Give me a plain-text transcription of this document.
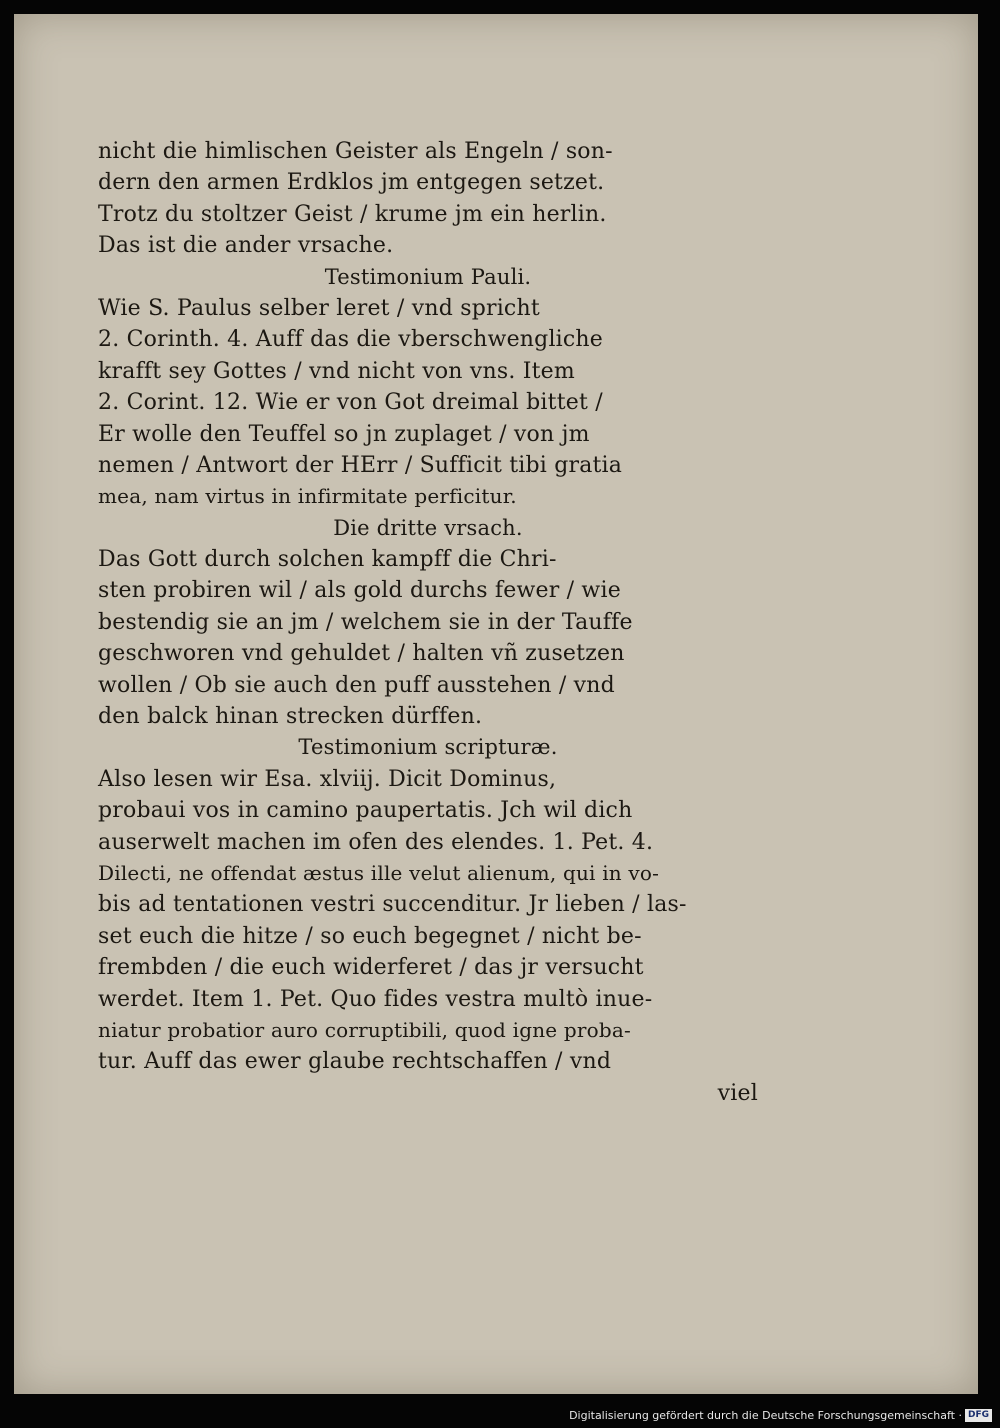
nicht die himlischen Geister als Engeln / son-
dern den armen Erdklos jm entgegen setzet.
Trotz du stoltzer Geist / krume jm ein herlin.
Das ist die ander vrsache.
Testimonium Pauli.
Wie S. Paulus selber leret / vnd spricht
2. Corinth. 4. Auff das die vberschwengliche
krafft sey Gottes / vnd nicht von vns. Item
2. Corint. 12. Wie er von Got dreimal bittet /
Er wolle den Teuffel so jn zuplaget / von jm
nemen / Antwort der HErr / Sufficit tibi gratia
mea, nam virtus in infirmitate perficitur.
Die dritte vrsach.
Das Gott durch solchen kampff die Chri-
sten probiren wil / als gold durchs fewer / wie
bestendig sie an jm / welchem sie in der Tauffe
geschworen vnd gehuldet / halten vñ zusetzen
wollen / Ob sie auch den puff ausstehen / vnd
den balck hinan strecken dürffen.
Testimonium scripturæ.
Also lesen wir Esa. xlviij. Dicit Dominus,
probaui vos in camino paupertatis. Jch wil dich
auserwelt machen im ofen des elendes. 1. Pet. 4.
Dilecti, ne offendat æstus ille velut alienum, qui in vo-
bis ad tentationen vestri succenditur. Jr lieben / las-
set euch die hitze / so euch begegnet / nicht be-
frembden / die euch widerferet / das jr versucht
werdet. Item 1. Pet. Quo fides vestra multò inue-
niatur probatior auro corruptibili, quod igne proba-
tur. Auff das ewer glaube rechtschaffen / vnd
viel
Digitalisierung gefördert durch die Deutsche Forschungsgemeinschaft · DFG
